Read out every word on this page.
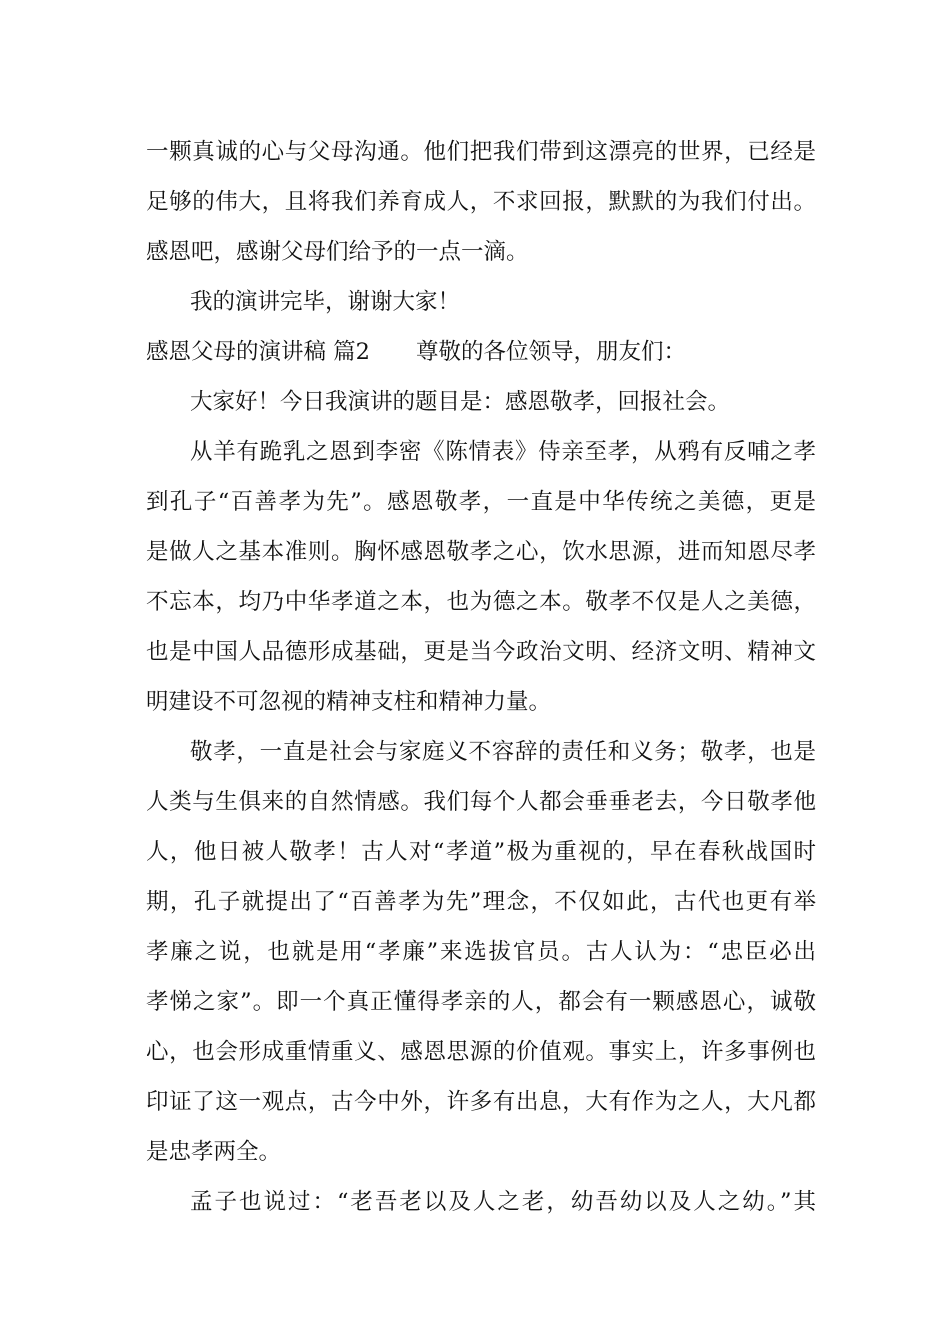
一颗真诚的心与父母沟通。他们把我们带到这漂亮的世界，已经是
足够的伟大，且将我们养育成人，不求回报，默默的为我们付出。
感恩吧，感谢父母们给予的一点一滴。
我的演讲完毕，谢谢大家！
感恩父母的演讲稿 篇2 尊敬的各位领导，朋友们：
大家好！今日我演讲的题目是：感恩敬孝，回报社会。
从羊有跪乳之恩到李密《陈情表》侍亲至孝，从鸦有反哺之孝
到孔子“百善孝为先”。感恩敬孝，一直是中华传统之美德，更是
是做人之基本准则。胸怀感恩敬孝之心，饮水思源，进而知恩尽孝
不忘本，均乃中华孝道之本，也为德之本。敬孝不仅是人之美德，
也是中国人品德形成基础，更是当今政治文明、经济文明、精神文
明建设不可忽视的精神支柱和精神力量。
敬孝，一直是社会与家庭义不容辞的责任和义务；敬孝，也是
人类与生俱来的自然情感。我们每个人都会垂垂老去，今日敬孝他
人，他日被人敬孝！古人对“孝道”极为重视的，早在春秋战国时
期，孔子就提出了“百善孝为先”理念，不仅如此，古代也更有举
孝廉之说，也就是用“孝廉”来选拔官员。古人认为：“忠臣必出
孝悌之家”。即一个真正懂得孝亲的人，都会有一颗感恩心，诚敬
心，也会形成重情重义、感恩思源的价值观。事实上，许多事例也
印证了这一观点，古今中外，许多有出息，大有作为之人，大凡都
是忠孝两全。
孟子也说过：“老吾老以及人之老，幼吾幼以及人之幼。”其
